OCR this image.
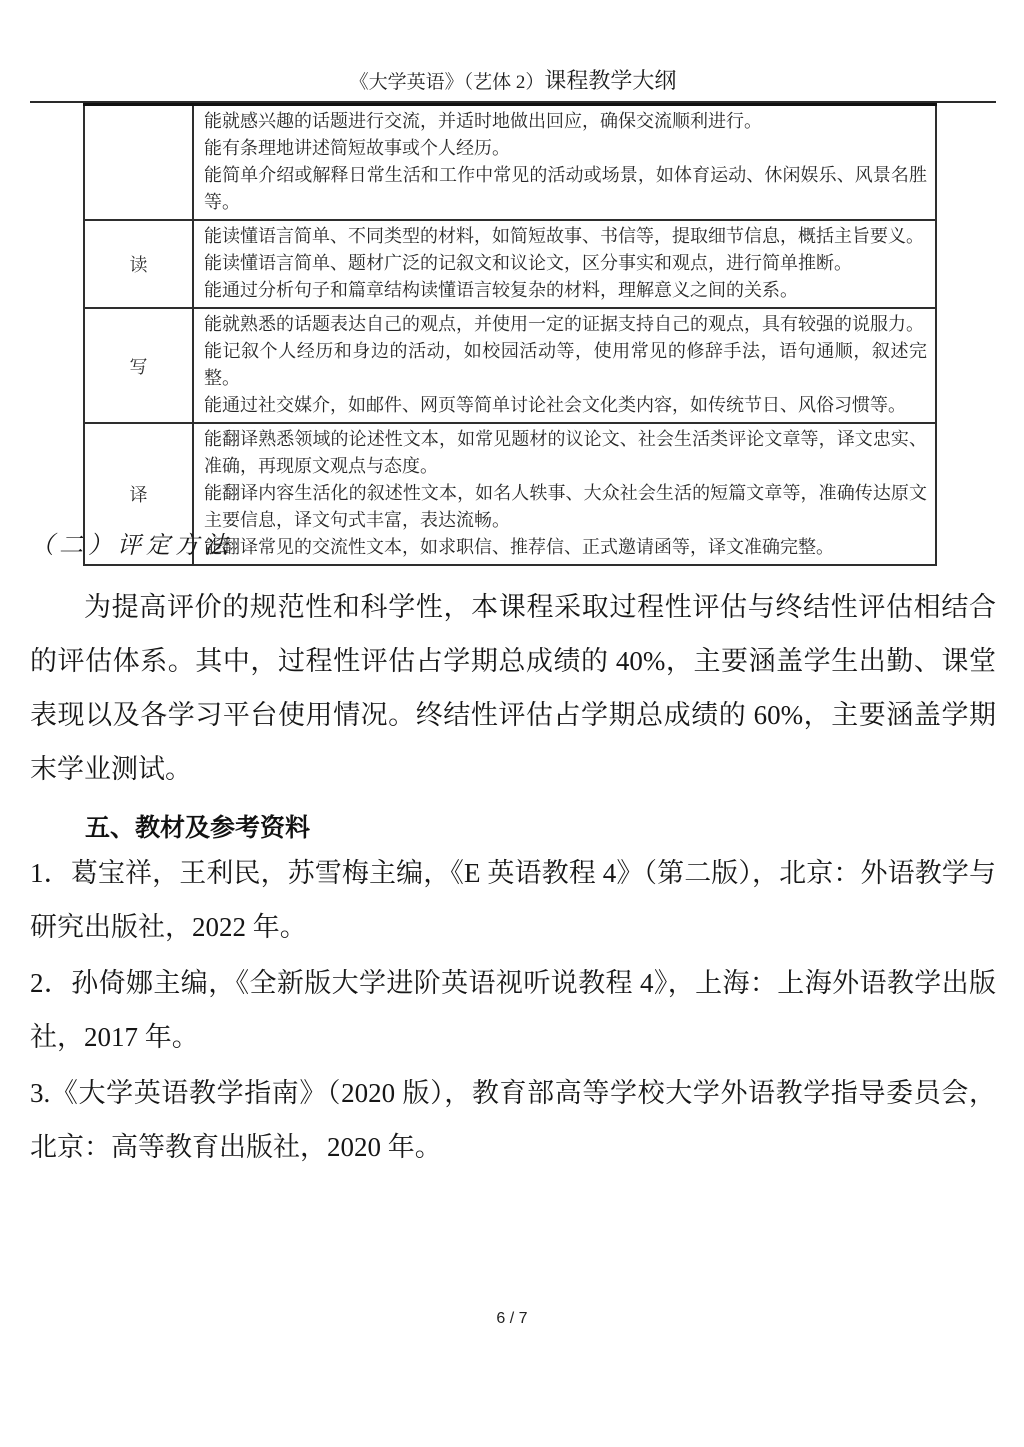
《大学英语》（艺体 2）课程教学大纲

	能就感兴趣的话题进行交流，并适时地做出回应，确保交流顺利进行。
能有条理地讲述简短故事或个人经历。
能简单介绍或解释日常生活和工作中常见的活动或场景，如体育运动、休闲娱乐、风景名胜等。

读	能读懂语言简单、不同类型的材料，如简短故事、书信等，提取细节信息，概括主旨要义。
能读懂语言简单、题材广泛的记叙文和议论文，区分事实和观点，进行简单推断。
能通过分析句子和篇章结构读懂语言较复杂的材料，理解意义之间的关系。

写	能就熟悉的话题表达自己的观点，并使用一定的证据支持自己的观点，具有较强的说服力。
能记叙个人经历和身边的活动，如校园活动等，使用常见的修辞手法，语句通顺，叙述完整。
能通过社交媒介，如邮件、网页等简单讨论社会文化类内容，如传统节日、风俗习惯等。

译	能翻译熟悉领域的论述性文本，如常见题材的议论文、社会生活类评论文章等，译文忠实、准确，再现原文观点与态度。
能翻译内容生活化的叙述性文本，如名人轶事、大众社会生活的短篇文章等，准确传达原文主要信息，译文句式丰富，表达流畅。
能翻译常见的交流性文本，如求职信、推荐信、正式邀请函等，译文准确完整。
（二）评定方法
为提高评价的规范性和科学性，本课程采取过程性评估与终结性评估相结合的评估体系。其中，过程性评估占学期总成绩的 40%，主要涵盖学生出勤、课堂表现以及各学习平台使用情况。终结性评估占学期总成绩的 60%，主要涵盖学期末学业测试。
五、教材及参考资料
1．葛宝祥，王利民，苏雪梅主编，《E 英语教程 4》（第二版），北京：外语教学与研究出版社，2022 年。
2．孙倚娜主编，《全新版大学进阶英语视听说教程 4》，上海：上海外语教学出版社，2017 年。
3.《大学英语教学指南》（2020 版），教育部高等学校大学外语教学指导委员会，北京：高等教育出版社，2020 年。
6 / 7
